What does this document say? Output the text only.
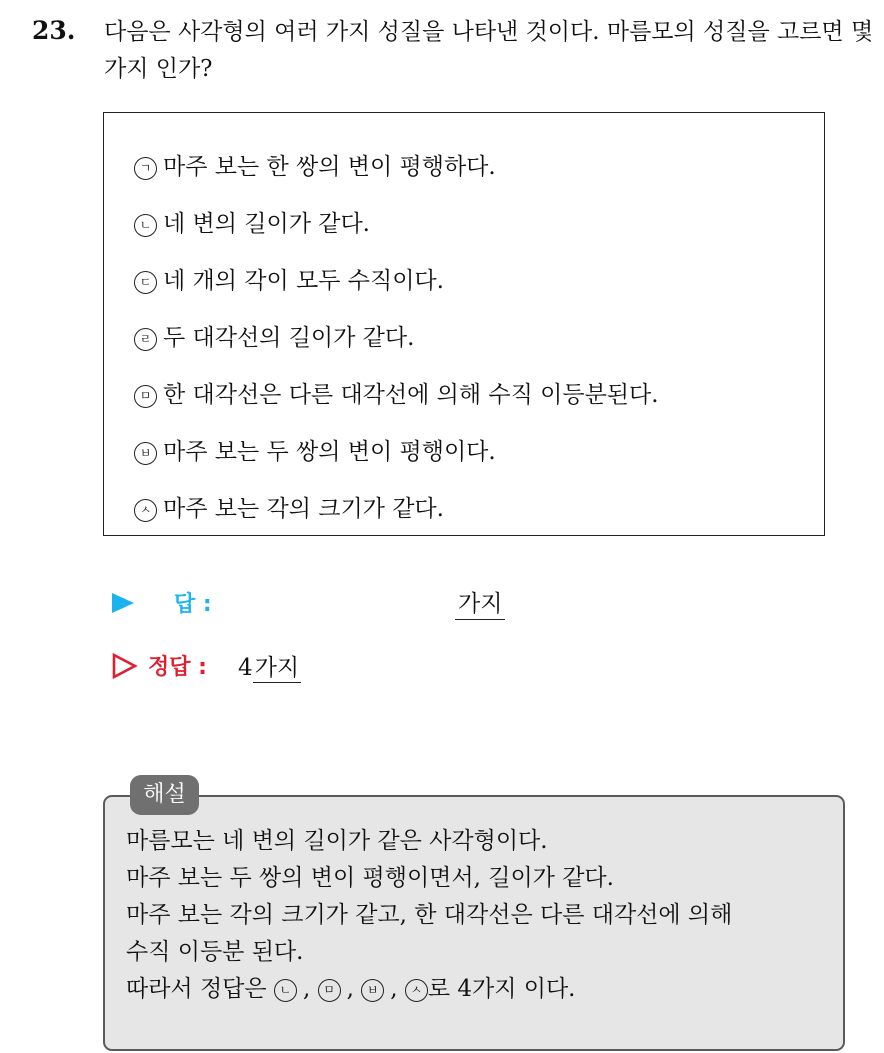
23. 다음은 사각형의 여러 가지 성질을 나타낸 것이다. 마름모의 성질을 고르면 몇 가지 인가?
ㄱ 마주 보는 한 쌍의 변이 평행하다.
ㄴ 네 변의 길이가 같다.
ㄷ 네 개의 각이 모두 수직이다.
ㄹ 두 대각선의 길이가 같다.
ㅁ 한 대각선은 다른 대각선에 의해 수직 이등분된다.
ㅂ 마주 보는 두 쌍의 변이 평행이다.
ㅅ 마주 보는 각의 크기가 같다.
답 :	가지
정답 : 4가지
마름모는 네 변의 길이가 같은 사각형이다.
마주 보는 두 쌍의 변이 평행이면서, 길이가 같다.
마주 보는 각의 크기가 같고, 한 대각선은 다른 대각선에 의해
수직 이등분 된다.
따라서 정답은 ㄴ , ㅁ , ㅂ , ㅅ 로 4가지 이다.
해설
